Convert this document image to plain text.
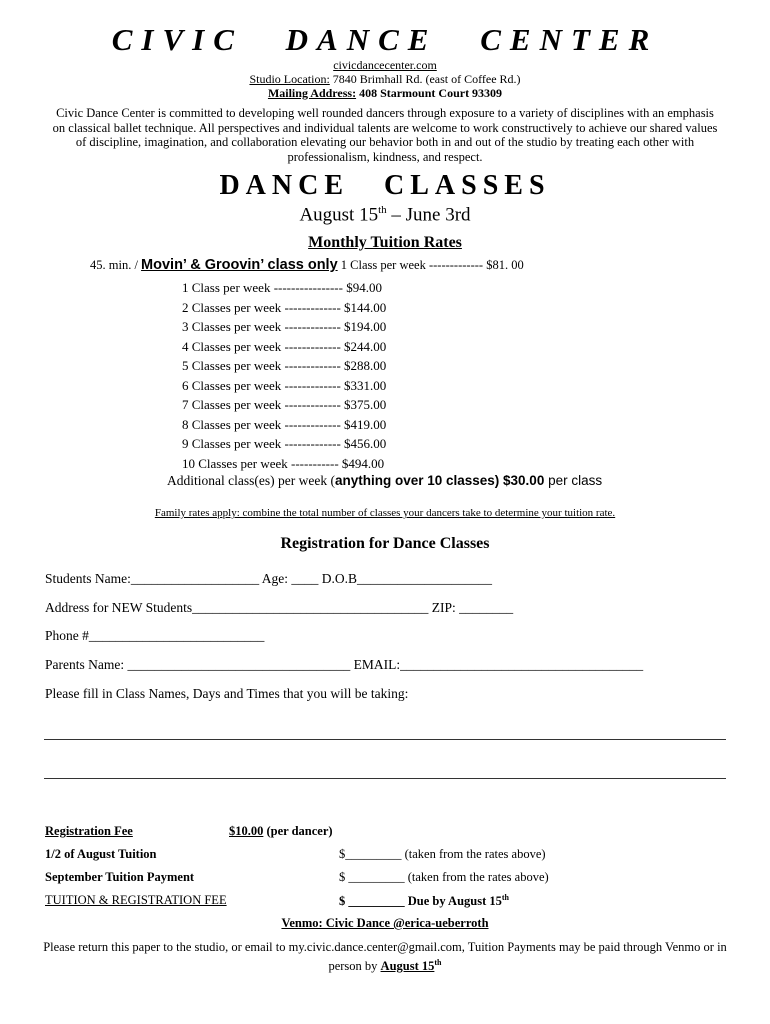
CIVIC DANCE CENTER
civicdancecenter.com
Studio Location: 7840 Brimhall Rd. (east of Coffee Rd.)
Mailing Address: 408 Starmount Court 93309
Civic Dance Center is committed to developing well rounded dancers through exposure to a variety of disciplines with an emphasis on classical ballet technique. All perspectives and individual talents are welcome to work constructively to achieve our shared values of discipline, imagination, and collaboration elevating our behavior both in and out of the studio by treating each other with professionalism, kindness, and respect.
DANCE CLASSES
August 15th – June 3rd
Monthly Tuition Rates
45. min. / Movin’ & Groovin’ class only 1 Class per week ------------- $81. 00
1 Class per week ---------------- $94.00
2 Classes per week ------------- $144.00
3 Classes per week ------------- $194.00
4 Classes per week ------------- $244.00
5 Classes per week ------------- $288.00
6 Classes per week ------------- $331.00
7 Classes per week ------------- $375.00
8 Classes per week ------------- $419.00
9 Classes per week ------------- $456.00
10 Classes per week ----------- $494.00
Additional class(es) per week (anything over 10 classes) $30.00 per class
Family rates apply: combine the total number of classes your dancers take to determine your tuition rate.
Registration for Dance Classes
Students Name:___________________ Age: ____ D.O.B____________________
Address for NEW Students___________________________________ ZIP: ________
Phone #__________________________
Parents Name: _________________________________ EMAIL:____________________________________
Please fill in Class Names, Days and Times that you will be taking:
Registration Fee	$10.00 (per dancer)
1/2 of August Tuition	$_________ (taken from the rates above)
September Tuition Payment	$ _________ (taken from the rates above)
TUITION & REGISTRATION FEE	$ _________ Due by August 15th
Venmo: Civic Dance @erica-ueberroth
Please return this paper to the studio, or email to my.civic.dance.center@gmail.com, Tuition Payments may be paid through Venmo or in person by August 15th
